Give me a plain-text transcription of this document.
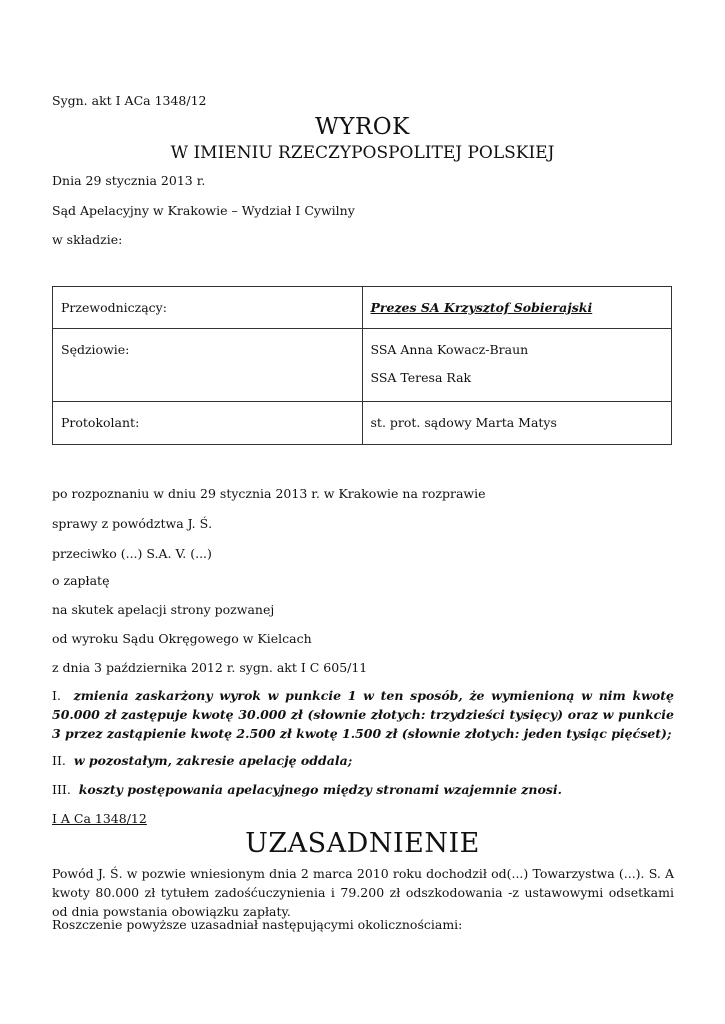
Sygn. akt I ACa 1348/12
WYROK
W IMIENIU RZECZYPOSPOLITEJ POLSKIEJ
Dnia 29 stycznia 2013 r.
Sąd Apelacyjny w Krakowie – Wydział I Cywilny
w składzie:

Przewodniczący:	Prezes SA Krzysztof Sobierajski

Sędziowie:	SSA Anna Kowacz-Braun

SSA Teresa Rak

Protokolant:	st. prot. sądowy Marta Matys

po rozpoznaniu w dniu 29 stycznia 2013 r. w Krakowie na rozprawie
sprawy z powództwa J. Ś.
przeciwko (...) S.A. V. (...)
o zapłatę
na skutek apelacji strony pozwanej
od wyroku Sądu Okręgowego w Kielcach
z dnia 3 października 2012 r. sygn. akt I C 605/11

I. zmienia zaskarżony wyrok w punkcie 1 w ten sposób, że wymienioną w nim kwotę 50.000 zł zastępuje kwotę 30.000 zł (słownie złotych: trzydzieści tysięcy) oraz w punkcie 3 przez zastąpienie kwotę 2.500 zł kwotę 1.500 zł (słownie złotych: jeden tysiąc pięćset);

II. w pozostałym, zakresie apelację oddala;

III. koszty postępowania apelacyjnego między stronami wzajemnie znosi.

I A Ca 1348/12
UZASADNIENIE

Powód J. Ś. w pozwie wniesionym dnia 2 marca 2010 roku dochodził od(...) Towarzystwa (...). S. A kwoty 80.000 zł tytułem zadośćuczynienia i 79.200 zł odszkodowania -z ustawowymi odsetkami od dnia powstania obowiązku zapłaty.

Roszczenie powyższe uzasadniał następującymi okolicznościami:
